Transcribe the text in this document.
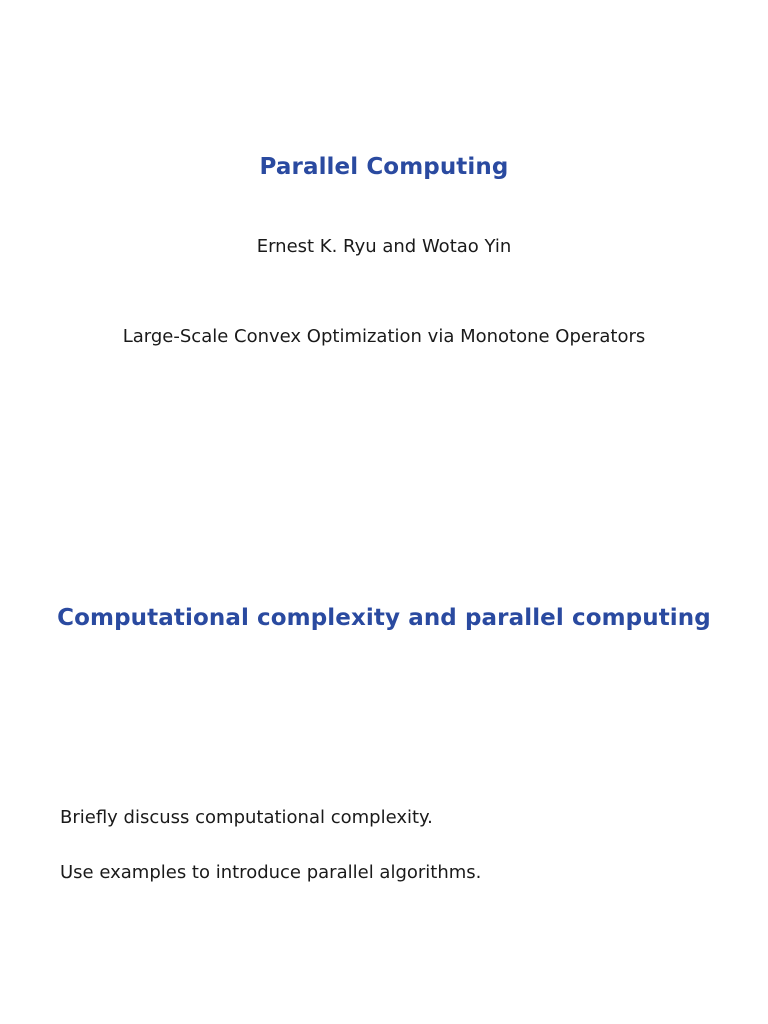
Parallel Computing
Ernest K. Ryu and Wotao Yin
Large-Scale Convex Optimization via Monotone Operators
Computational complexity and parallel computing
Briefly discuss computational complexity.
Use examples to introduce parallel algorithms.
